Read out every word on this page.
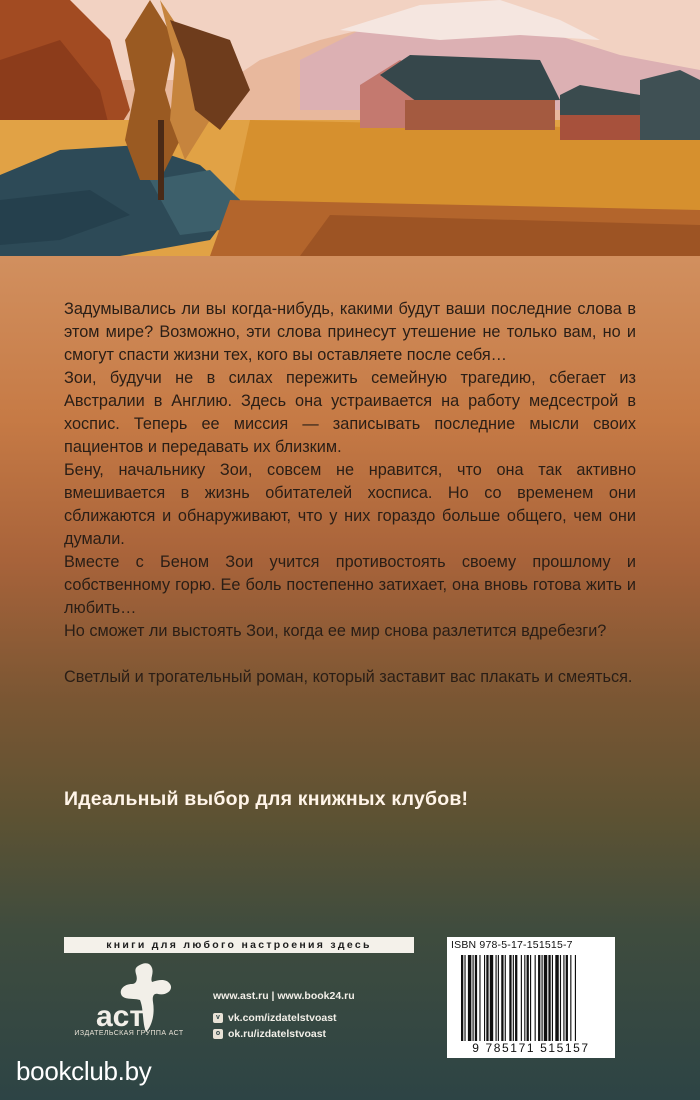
Задумывались ли вы когда-нибудь, какими будут ваши последние слова в этом мире? Возможно, эти слова принесут утешение не только вам, но и смогут спасти жизни тех, кого вы оставляете после себя…

Зои, будучи не в силах пережить семейную трагедию, сбегает из Австралии в Англию. Здесь она устраивается на работу медсестрой в хоспис. Теперь ее миссия — записывать последние мысли своих пациентов и передавать их близким.

Бену, начальнику Зои, совсем не нравится, что она так активно вмешивается в жизнь обитателей хосписа. Но со временем они сближаются и обнаруживают, что у них гораздо больше общего, чем они думали.

Вместе с Беном Зои учится противостоять своему прошлому и собственному горю. Ее боль постепенно затихает, она вновь готова жить и любить…

Но сможет ли выстоять Зои, когда ее мир снова разлетится вдребезги?

Светлый и трогательный роман, который заставит вас плакать и смеяться.

Идеальный выбор для книжных клубов!
книги для любого настроения здесь
аст
ИЗДАТЕЛЬСКАЯ ГРУППА АСТ
www.ast.ru | www.book24.ru
v vk.com/izdatelstvoast
o ok.ru/izdatelstvoast
ISBN 978-5-17-151515-7
9 785171 515157
bookclub.by
